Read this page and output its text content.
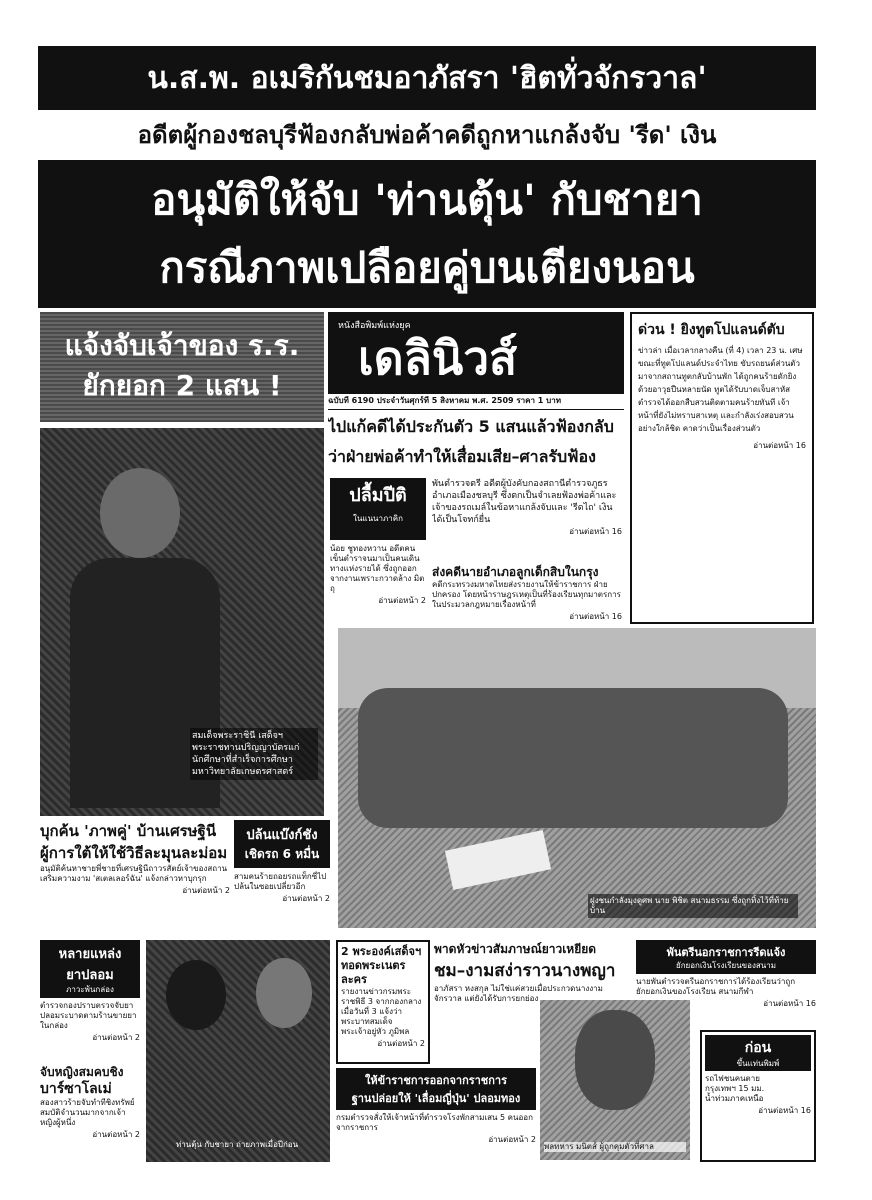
น.ส.พ. อเมริกันชมอาภัสรา 'ฮิตทั่วจักรวาล'
อดีตผู้กองชลบุรีฟ้องกลับพ่อค้าคดีถูกหาแกล้งจับ 'รีด' เงิน
อนุมัติให้จับ 'ท่านตุ้น' กับชายา
กรณีภาพเปลือยคู่บนเตียงนอน
แจ้งจับเจ้าของ ร.ร.
ยักยอก 2 แสน !
สมเด็จพระราชินี เสด็จฯ พระราชทานปริญญาบัตรแก่นักศึกษาที่สำเร็จการศึกษา มหาวิทยาลัยเกษตรศาสตร์
หนังสือพิมพ์แห่งยุค
เดลินิวส์
ฉบับที่ 6190 ประจำวันศุกร์ที่ 5 สิงหาคม พ.ศ. 2509 ราคา 1 บาท
ไปแก้คดีได้ประกันตัว 5 แสนแล้วฟ้องกลับ
ว่าฝ่ายพ่อค้าทำให้เสื่อมเสีย–ศาลรับฟ้อง
ปลื้มปีติ
ในแนนาภาคิก
น้อย ชูทองหวาน อดีตคนเข็นตำราจนมาเป็นคนเดินทางแห่งรายได้ ซึ่งถูกออกจากงานเพราะกวาดล้าง มิตถุ
อ่านต่อหน้า 2
พันตำรวจตรี อดีตผู้บังคับกองสถานีตำรวจภูธรอำเภอเมืองชลบุรี ซึ่งตกเป็นจำเลยฟ้องพ่อค้าและเจ้าของรถเมล์ในข้อหาแกล้งจับและ 'รีดไถ' เงิน ได้เป็นโจทก์ยื่น
อ่านต่อหน้า 16
ส่งคดีนายอำเภอลูกเด็กสิบในกรุง
คดีกระทรวงมหาดไทยส่งรายงานให้ข้าราชการ ฝ่ายปกครอง โดยหน้าราษฎรเหตุเป็นที่ร้องเรียนทุกมาตรการในประมวลกฎหมายเรื่องหน้าที่
อ่านต่อหน้า 16
ด่วน ! ยิงทูตโปแลนด์ตับ
ข่าวล่า เมื่อเวลากลางคืน (ที่ 4) เวลา 23 น. เศษ ขณะที่ทูตโปแลนด์ประจำไทย ขับรถยนต์ส่วนตัวมาจากสถานทูตกลับบ้านพัก ได้ถูกคนร้ายดักยิงด้วยอาวุธปืนหลายนัด ทูตได้รับบาดเจ็บสาหัส ตำรวจได้ออกสืบสวนติดตามคนร้ายทันที เจ้าหน้าที่ยังไม่ทราบสาเหตุ และกำลังเร่งสอบสวนอย่างใกล้ชิด คาดว่าเป็นเรื่องส่วนตัว
อ่านต่อหน้า 16
ฝูงชนกำลังมุงดูศพ นาย พิชิต สนามธรรม ซึ่งถูกทิ้งไว้ที่ท้ายบ้าน
บุกค้น 'ภาพคู่' บ้านเศรษฐินี
ผู้การใต้ให้ใช้วิธีละมุนละม่อม
อนุมัติค้นหาชายพี่ชายที่เศรษฐินีถาวรสัตย์เจ้าของสถานเสริมความงาม 'สเตลเลอร์ฉัน' แจ้งกล่าวหาบุกรุก
อ่านต่อหน้า 2
ปล้นแบ๊งก์ชัง
เชิดรถ 6 หมื่น
สามคนร้ายถอยรถแท็กซี่ไปปล้นในซอยเปลี่ยวอีก
อ่านต่อหน้า 2
หลายแหล่ง
ยาปลอม
ภาวะพ้นกล่อง
ตำรวจกองปราบตรวจจับยาปลอมระบาดตามร้านขายยาในกล่อง
อ่านต่อหน้า 2
จับหญิงสมคบชิง
บาร์ซาโลเม่
สองสาวร้ายจับทำทีชิงทรัพย์สมบัติจำนวนมากจากเจ้าหญิงผู้หนึ่ง
อ่านต่อหน้า 2
ท่านตุ้น กับชายา ถ่ายภาพเมื่อปีก่อน
2 พระองค์เสด็จฯ
ทอดพระเนตรละคร
รายงานข่าวกรมพระราชพิธี 3 จากกองกลางเมื่อวันที่ 3 แจ้งว่า พระบาทสมเด็จพระเจ้าอยู่หัว ภูมิพล
อ่านต่อหน้า 2
พาดหัวข่าวสัมภาษณ์ยาวเหยียด
ชม–งามสง่าราวนางพญา
อาภัสรา หงสกุล ไม่ใช่แค่สวยเมื่อประกวดนางงามจักรวาล แต่ยังได้รับการยกย่อง
พลทหาร มนิตส์ ผู้ถูกคุมตัวที่ศาล
ให้ข้าราชการออกจากราชการ
ฐานปล่อยให้ 'เลื่อมญี่ปุ่น' ปลอมทอง
กรมตำรวจสั่งให้เจ้าหน้าที่ตำรวจโรงพักสามเสน 5 คนออกจากราชการ
อ่านต่อหน้า 2
พันตรีนอกราชการรีดแจ้ง
ยักยอกเงินโรงเรียนของสนาม
นายพันตำรวจตรีนอกราชการได้ร้องเรียนว่าถูกยักยอกเงินของโรงเรียน สนามกีฬา
อ่านต่อหน้า 16
ก่อน
ขึ้นแท่นพิมพ์
รถไฟชนคนตาย
กรุงเทพฯ 15 มม.
น้ำท่วมภาคเหนือ
อ่านต่อหน้า 16
